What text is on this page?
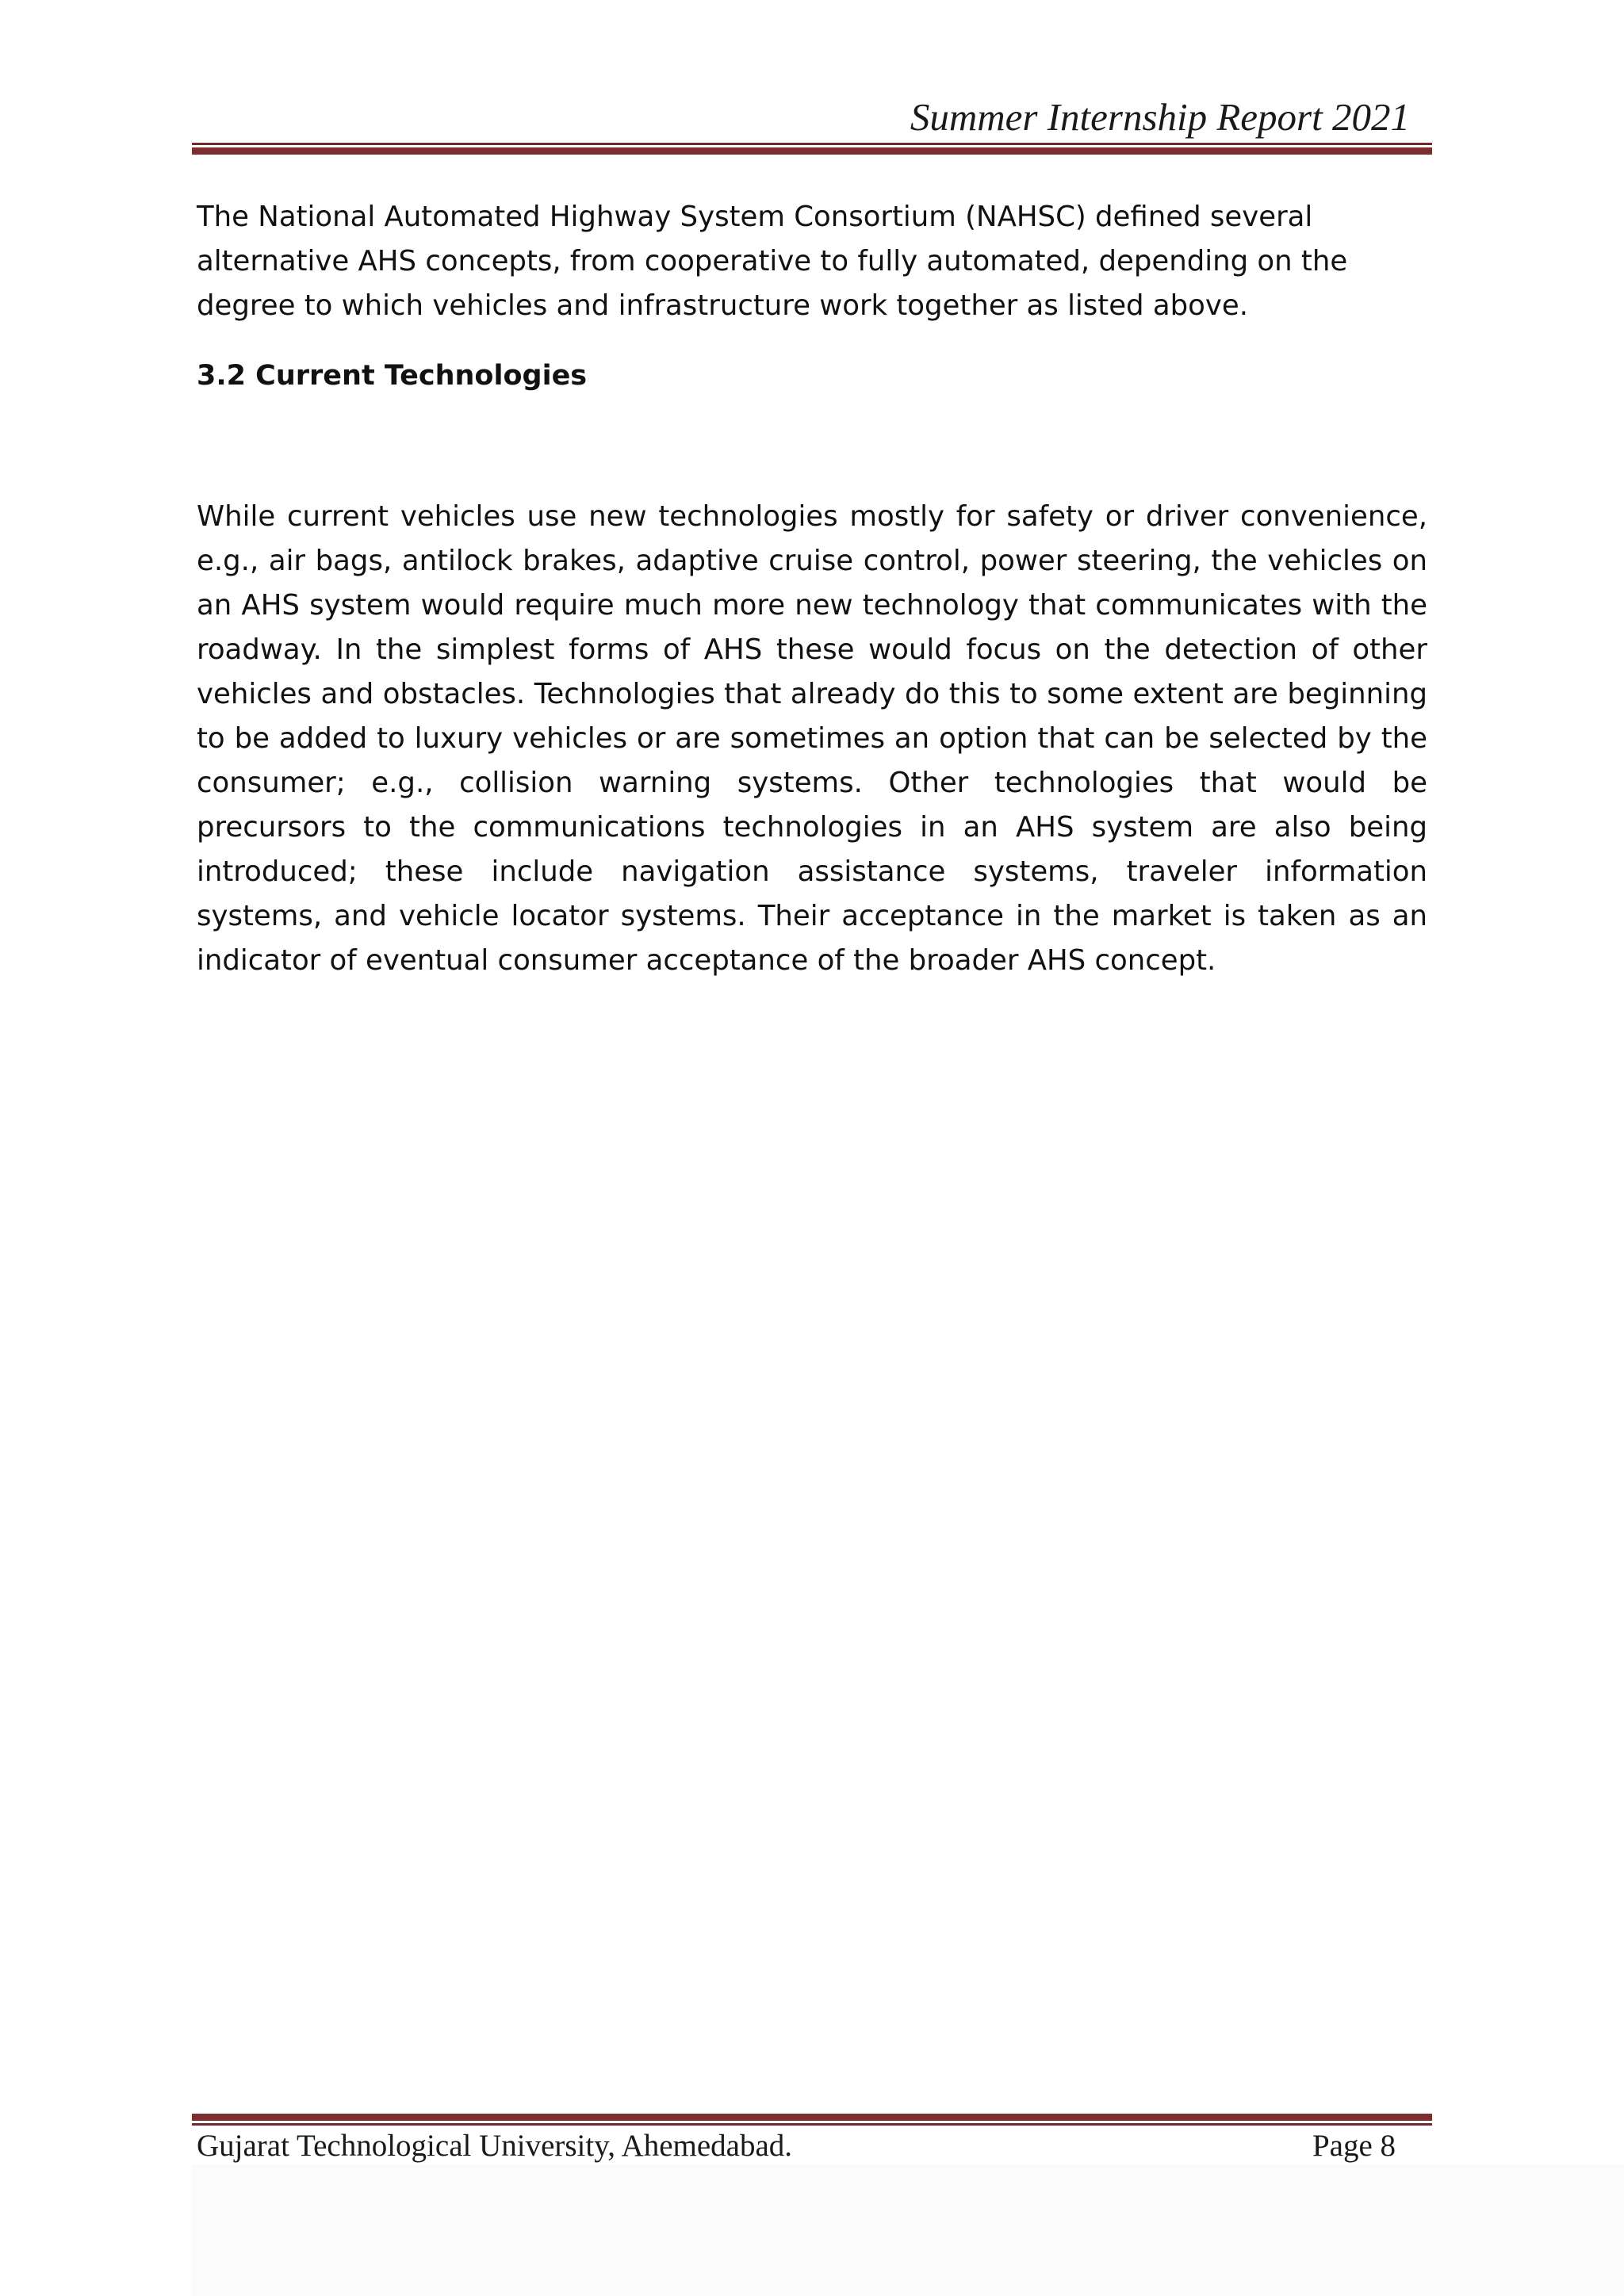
Summer Internship Report 2021

The National Automated Highway System Consortium (NAHSC) defined several alternative AHS concepts, from cooperative to fully automated, depending on the degree to which vehicles and infrastructure work together as listed above.

3.2 Current Technologies

While current vehicles use new technologies mostly for safety or driver convenience, e.g., air bags, antilock brakes, adaptive cruise control, power steering, the vehicles on an AHS system would require much more new technology that communicates with the roadway. In the simplest forms of AHS these would focus on the detection of other vehicles and obstacles. Technologies that already do this to some extent are beginning to be added to luxury vehicles or are sometimes an option that can be selected by the consumer; e.g., collision warning systems. Other technologies that would be precursors to the communications technologies in an AHS system are also being introduced; these include navigation assistance systems, traveler information systems, and vehicle locator systems. Their acceptance in the market is taken as an indicator of eventual consumer acceptance of the broader AHS concept.

Gujarat Technological University, Ahemedabad.	Page 8
